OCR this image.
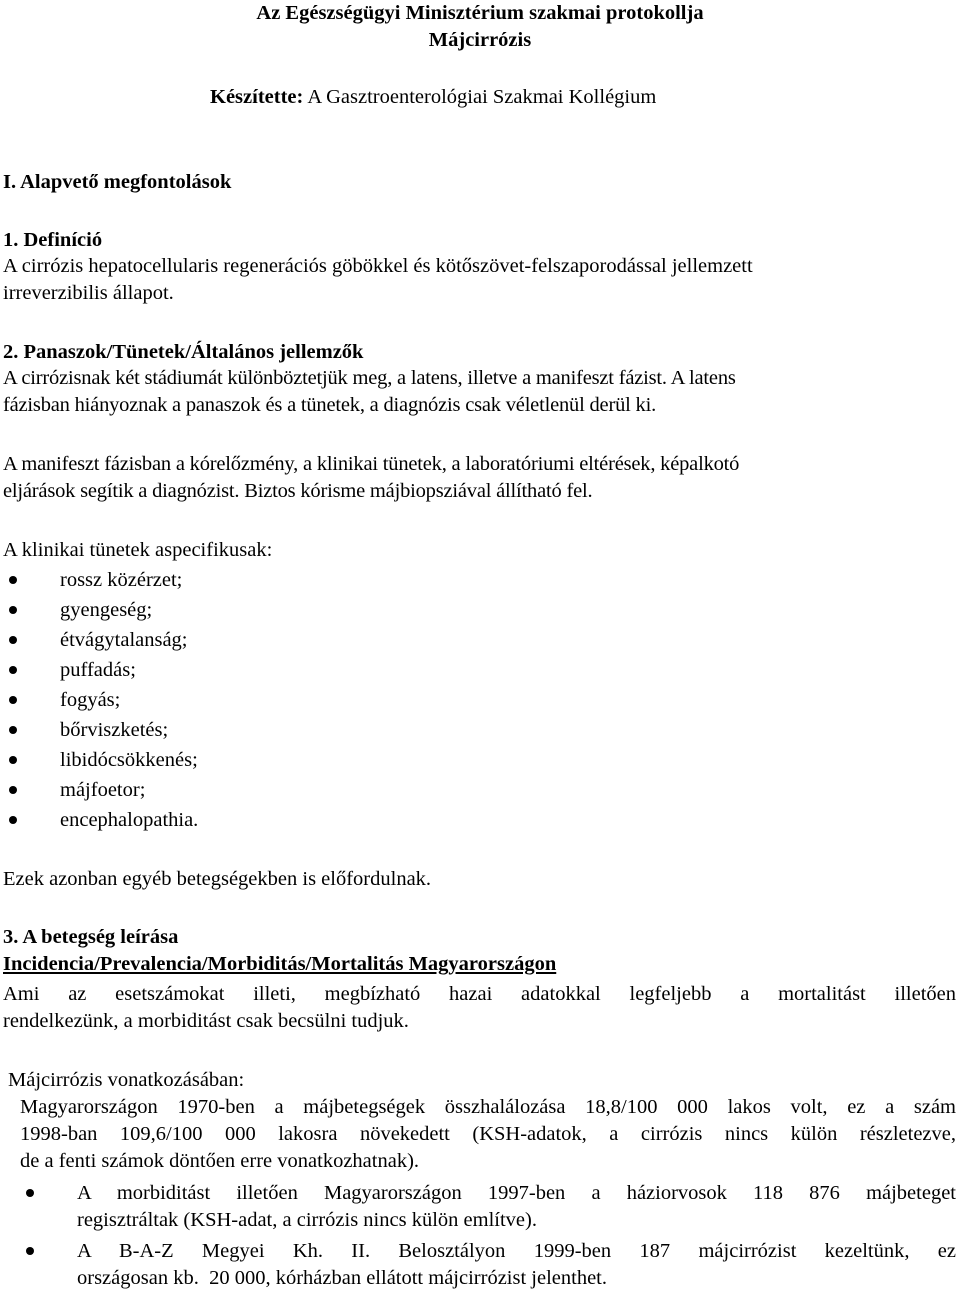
Az Egészségügyi Minisztérium szakmai protokollja
Májcirrózis
Készítette: A Gasztroenterológiai Szakmai Kollégium
I. Alapvető megfontolások
1. Definíció
A cirrózis hepatocellularis regenerációs göbökkel és kötőszövet-felszaporodással jellemzett
irreverzibilis állapot.
2. Panaszok/Tünetek/Általános jellemzők
A cirrózisnak két stádiumát különböztetjük meg, a latens, illetve a manifeszt fázist. A latens
fázisban hiányoznak a panaszok és a tünetek, a diagnózis csak véletlenül derül ki.
A manifeszt fázisban a kórelőzmény, a klinikai tünetek, a laboratóriumi eltérések, képalkotó
eljárások segítik a diagnózist. Biztos kórisme májbiopsziával állítható fel.
A klinikai tünetek aspecifikusak:
rossz közérzet;
gyengeség;
étvágytalanság;
puffadás;
fogyás;
bőrviszketés;
libidócsökkenés;
májfoetor;
encephalopathia.
Ezek azonban egyéb betegségekben is előfordulnak.
3. A betegség leírása
Incidencia/Prevalencia/Morbiditás/Mortalitás Magyarországon
Ami az esetszámokat illeti, megbízható hazai adatokkal legfeljebb a mortalitást illetően
rendelkezünk, a morbiditást csak becsülni tudjuk.
Májcirrózis vonatkozásában:
Magyarországon 1970-ben a májbetegségek összhalálozása 18,8/100 000 lakos volt, ez a szám
1998-ban 109,6/100 000 lakosra növekedett (KSH-adatok, a cirrózis nincs külön részletezve,
de a fenti számok döntően erre vonatkozhatnak).
A morbiditást illetően Magyarországon 1997-ben a háziorvosok 118 876 májbeteget
regisztráltak (KSH-adat, a cirrózis nincs külön említve).
A B-A-Z Megyei Kh. II. Belosztályon 1999-ben 187 májcirrózist kezeltünk, ez
országosan kb.  20 000, kórházban ellátott májcirrózist jelenthet.
